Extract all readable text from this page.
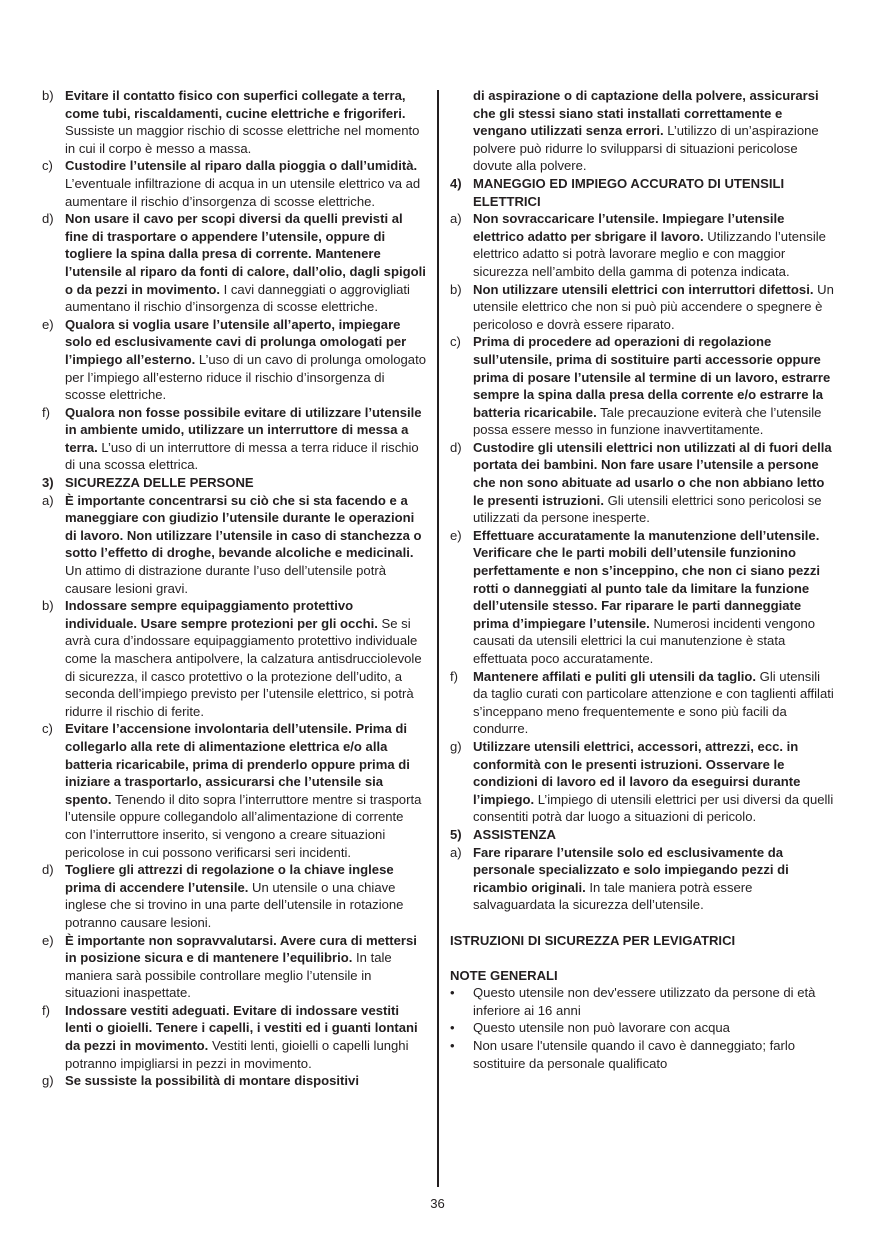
b) Evitare il contatto fisico con superfici collegate a terra, come tubi, riscaldamenti, cucine elettriche e frigoriferi. Sussiste un maggior rischio di scosse elettriche nel momento in cui il corpo è messo a massa.
c) Custodire l’utensile al riparo dalla pioggia o dall’umidità. L’eventuale infiltrazione di acqua in un utensile elettrico va ad aumentare il rischio d’insorgenza di scosse elettriche.
d) Non usare il cavo per scopi diversi da quelli previsti al fine di trasportare o appendere l’utensile, oppure di togliere la spina dalla presa di corrente. Mantenere l’utensile al riparo da fonti di calore, dall’olio, dagli spigoli o da pezzi in movimento. I cavi danneggiati o aggrovigliati aumentano il rischio d’insorgenza di scosse elettriche.
e) Qualora si voglia usare l’utensile all’aperto, impiegare solo ed esclusivamente cavi di prolunga omologati per l’impiego all’esterno. L’uso di un cavo di prolunga omologato per l’impiego all’esterno riduce il rischio d’insorgenza di scosse elettriche.
f)	Qualora non fosse possibile evitare di utilizzare l’utensile in ambiente umido, utilizzare un interruttore di messa a terra. L’uso di un interruttore di messa a terra riduce il rischio di una scossa elettrica.
3) SICUREZZA DELLE PERSONE
a) È importante concentrarsi su ciò che si sta facendo e a maneggiare con giudizio l’utensile durante le operazioni di lavoro. Non utilizzare l’utensile in caso di stanchezza o sotto l’effetto di droghe, bevande alcoliche e medicinali. Un attimo di distrazione durante l’uso dell’utensile potrà causare lesioni gravi.
b) Indossare sempre equipaggiamento protettivo individuale. Usare sempre protezioni per gli occhi. Se si avrà cura d’indossare equipaggiamento protettivo individuale come la maschera antipolvere, la calzatura antisdrucciolevole di sicurezza, il casco protettivo o la protezione dell’udito, a seconda dell’impiego previsto per l’utensile elettrico, si potrà ridurre il rischio di ferite.
c) Evitare l’accensione involontaria dell’utensile. Prima di collegarlo alla rete di alimentazione elettrica e/o alla batteria ricaricabile, prima di prenderlo oppure prima di iniziare a trasportarlo, assicurarsi che l’utensile sia spento. Tenendo il dito sopra l’interruttore mentre si trasporta l’utensile oppure collegandolo all’alimentazione di corrente con l’interruttore inserito, si vengono a creare situazioni pericolose in cui possono verificarsi seri incidenti.
d) Togliere gli attrezzi di regolazione o la chiave inglese prima di accendere l’utensile. Un utensile o una chiave inglese che si trovino in una parte dell’utensile in rotazione potranno causare lesioni.
e) È importante non sopravvalutarsi. Avere cura di mettersi in posizione sicura e di mantenere l’equilibrio. In tale maniera sarà possibile controllare meglio l’utensile in situazioni inaspettate.
f)	Indossare vestiti adeguati. Evitare di indossare vestiti lenti o gioielli. Tenere i capelli, i vestiti ed i guanti lontani da pezzi in movimento. Vestiti lenti, gioielli o capelli lunghi potranno impigliarsi in pezzi in movimento.
g) Se sussiste la possibilità di montare dispositivi
di aspirazione o di captazione della polvere, assicurarsi che gli stessi siano stati installati correttamente e vengano utilizzati senza errori. L’utilizzo di un’aspirazione polvere può ridurre lo svilupparsi di situazioni pericolose dovute alla polvere.
4) MANEGGIO ED IMPIEGO ACCURATO DI UTENSILI ELETTRICI
a) Non sovraccaricare l’utensile. Impiegare l’utensile elettrico adatto per sbrigare il lavoro. Utilizzando l’utensile elettrico adatto si potrà lavorare meglio e con maggior sicurezza nell’ambito della gamma di potenza indicata.
b) Non utilizzare utensili elettrici con interruttori difettosi. Un utensile elettrico che non si può più accendere o spegnere è pericoloso e dovrà essere riparato.
c) Prima di procedere ad operazioni di regolazione sull’utensile, prima di sostituire parti accessorie oppure prima di posare l’utensile al termine di un lavoro, estrarre sempre la spina dalla presa della corrente e/o estrarre la batteria ricaricabile. Tale precauzione eviterà che l’utensile possa essere messo in funzione inavvertitamente.
d) Custodire gli utensili elettrici non utilizzati al di fuori della portata dei bambini. Non fare usare l’utensile a persone che non sono abituate ad usarlo o che non abbiano letto le presenti istruzioni. Gli utensili elettrici sono pericolosi se utilizzati da persone inesperte.
e) Effettuare accuratamente la manutenzione dell’utensile. Verificare che le parti mobili dell’utensile funzionino perfettamente e non s’inceppino, che non ci siano pezzi rotti o danneggiati al punto tale da limitare la funzione dell’utensile stesso. Far riparare le parti danneggiate prima d’impiegare l’utensile. Numerosi incidenti vengono causati da utensili elettrici la cui manutenzione è stata effettuata poco accuratamente.
f)	Mantenere affilati e puliti gli utensili da taglio. Gli utensili da taglio curati con particolare attenzione e con taglienti affilati s’inceppano meno frequentemente e sono più facili da condurre.
g) Utilizzare utensili elettrici, accessori, attrezzi, ecc. in conformità con le presenti istruzioni. Osservare le condizioni di lavoro ed il lavoro da eseguirsi durante l’impiego. L’impiego di utensili elettrici per usi diversi da quelli consentiti potrà dar luogo a situazioni di pericolo.
5) ASSISTENZA
a) Fare riparare l’utensile solo ed esclusivamente da personale specializzato e solo impiegando pezzi di ricambio originali. In tale maniera potrà essere salvaguardata la sicurezza dell’utensile.
ISTRUZIONI DI SICUREZZA PER LEVIGATRICI
NOTE GENERALI
•	Questo utensile non dev'essere utilizzato da persone di età inferiore ai 16 anni
•	Questo utensile non può lavorare con acqua
•	Non usare l'utensile quando il cavo è danneggiato; farlo sostituire da personale qualificato
36
